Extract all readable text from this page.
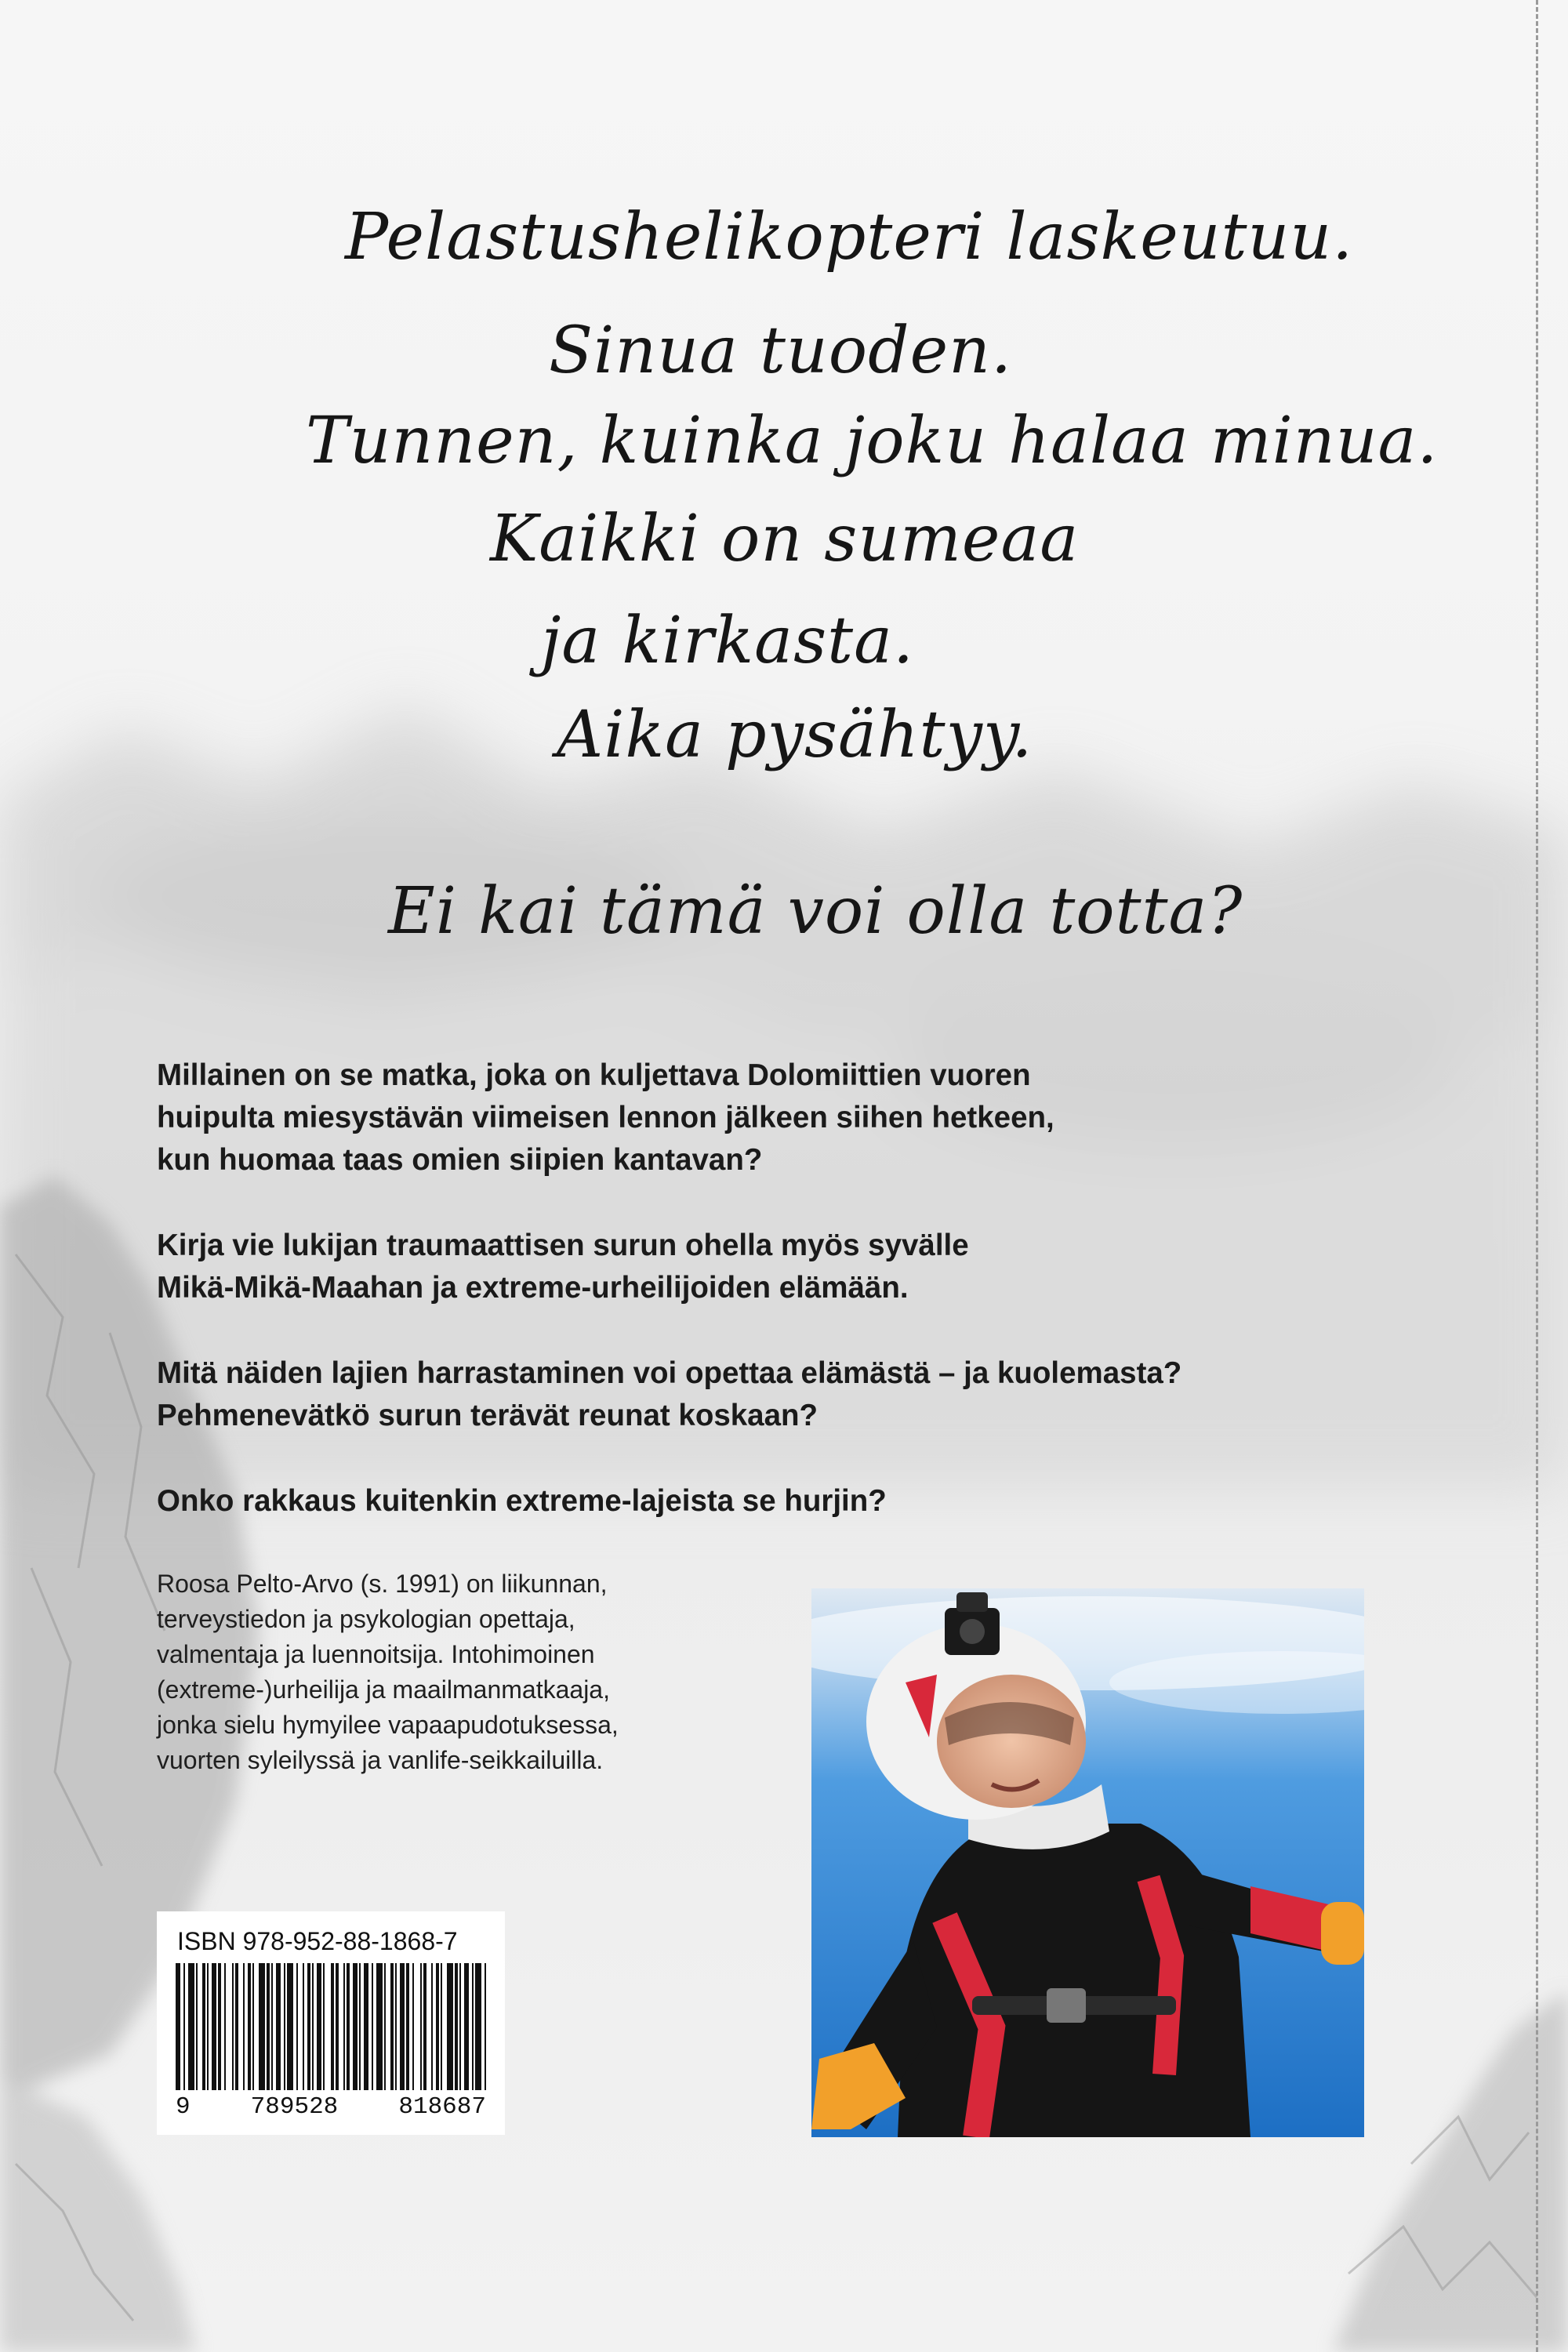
Pelastushelikopteri laskeutuu.
Sinua tuoden.
Tunnen, kuinka joku halaa minua.
Kaikki on sumeaa
ja kirkasta.
Aika pysähtyy.
Ei kai tämä voi olla totta?

Millainen on se matka, joka on kuljettava Dolomiittien vuoren
huipulta miesystävän viimeisen lennon jälkeen siihen hetkeen,
kun huomaa taas omien siipien kantavan?

Kirja vie lukijan traumaattisen surun ohella myös syvälle
Mikä-Mikä-Maahan ja extreme-urheilijoiden elämään.

Mitä näiden lajien harrastaminen voi opettaa elämästä – ja kuolemasta?
Pehmenevätkö surun terävät reunat koskaan?

Onko rakkaus kuitenkin extreme-lajeista se hurjin?

Roosa Pelto-Arvo (s. 1991) on liikunnan,
terveystiedon ja psykologian opettaja,
valmentaja ja luennoitsija. Intohimoinen
(extreme-)urheilija ja maailmanmatkaaja,
jonka sielu hymyilee vapaapudotuksessa,
vuorten syleilyssä ja vanlife-seikkailuilla.

ISBN 978-952-88-1868-7
9 789528 818687
